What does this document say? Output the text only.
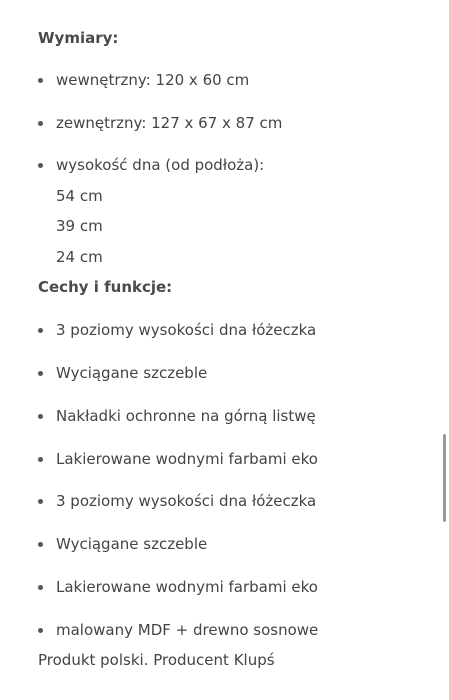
Wymiary:
wewnętrzny: 120 x 60 cm
zewnętrzny: 127 x 67 x 87 cm
wysokość dna (od podłoża):
54 cm
39 cm
24 cm
Cechy i funkcje:
3 poziomy wysokości dna łóżeczka
Wyciągane szczeble
Nakładki ochronne na górną listwę
Lakierowane wodnymi farbami eko
3 poziomy wysokości dna łóżeczka
Wyciągane szczeble
Lakierowane wodnymi farbami eko
malowany MDF + drewno sosnowe
Produkt polski. Producent Klupś
